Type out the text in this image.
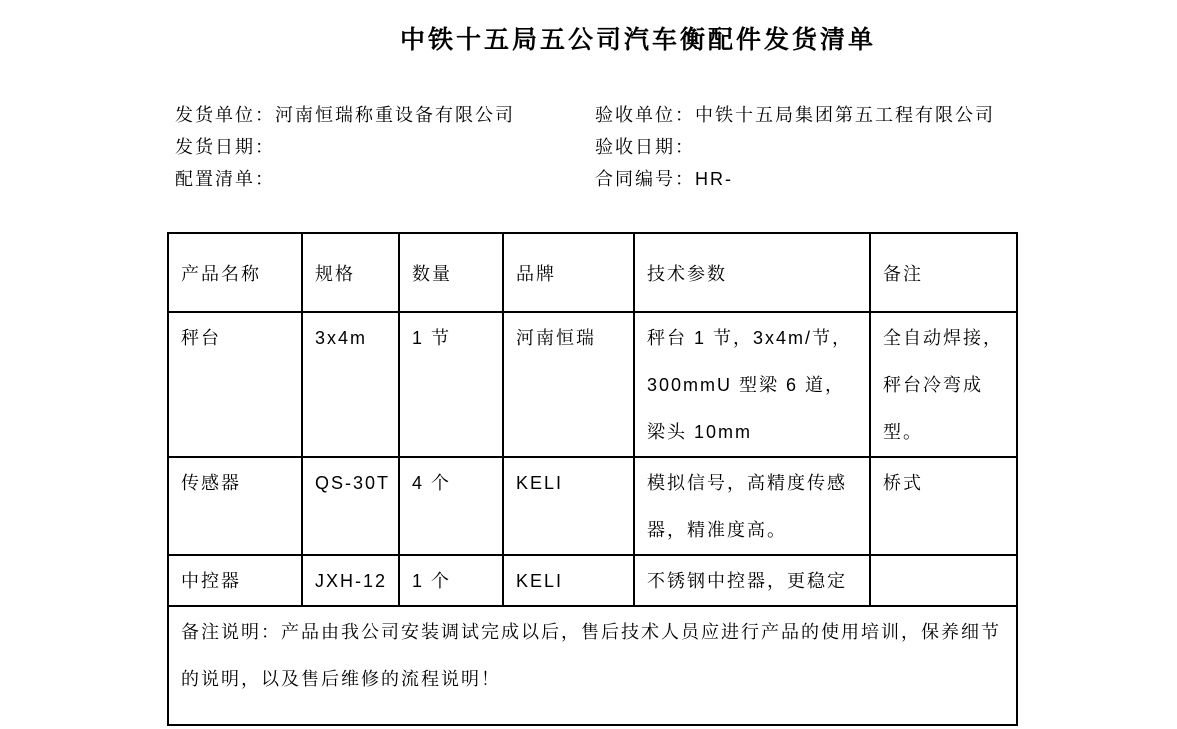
中铁十五局五公司汽车衡配件发货清单
发货单位：河南恒瑞称重设备有限公司
发货日期：
配置清单：
验收单位：中铁十五局集团第五工程有限公司
验收日期：
合同编号：HR-
产品名称	规格	数量	品牌	技术参数	备注
秤台	3x4m	1 节	河南恒瑞	秤台 1 节，3x4m/节，300mmU 型梁 6 道，梁头 10mm	全自动焊接，秤台冷弯成型。
传感器	QS-30T	4 个	KELI	模拟信号，高精度传感器，精准度高。	桥式
中控器	JXH-12	1 个	KELI	不锈钢中控器，更稳定	
备注说明：产品由我公司安装调试完成以后，售后技术人员应进行产品的使用培训，保养细节的说明，以及售后维修的流程说明！					
